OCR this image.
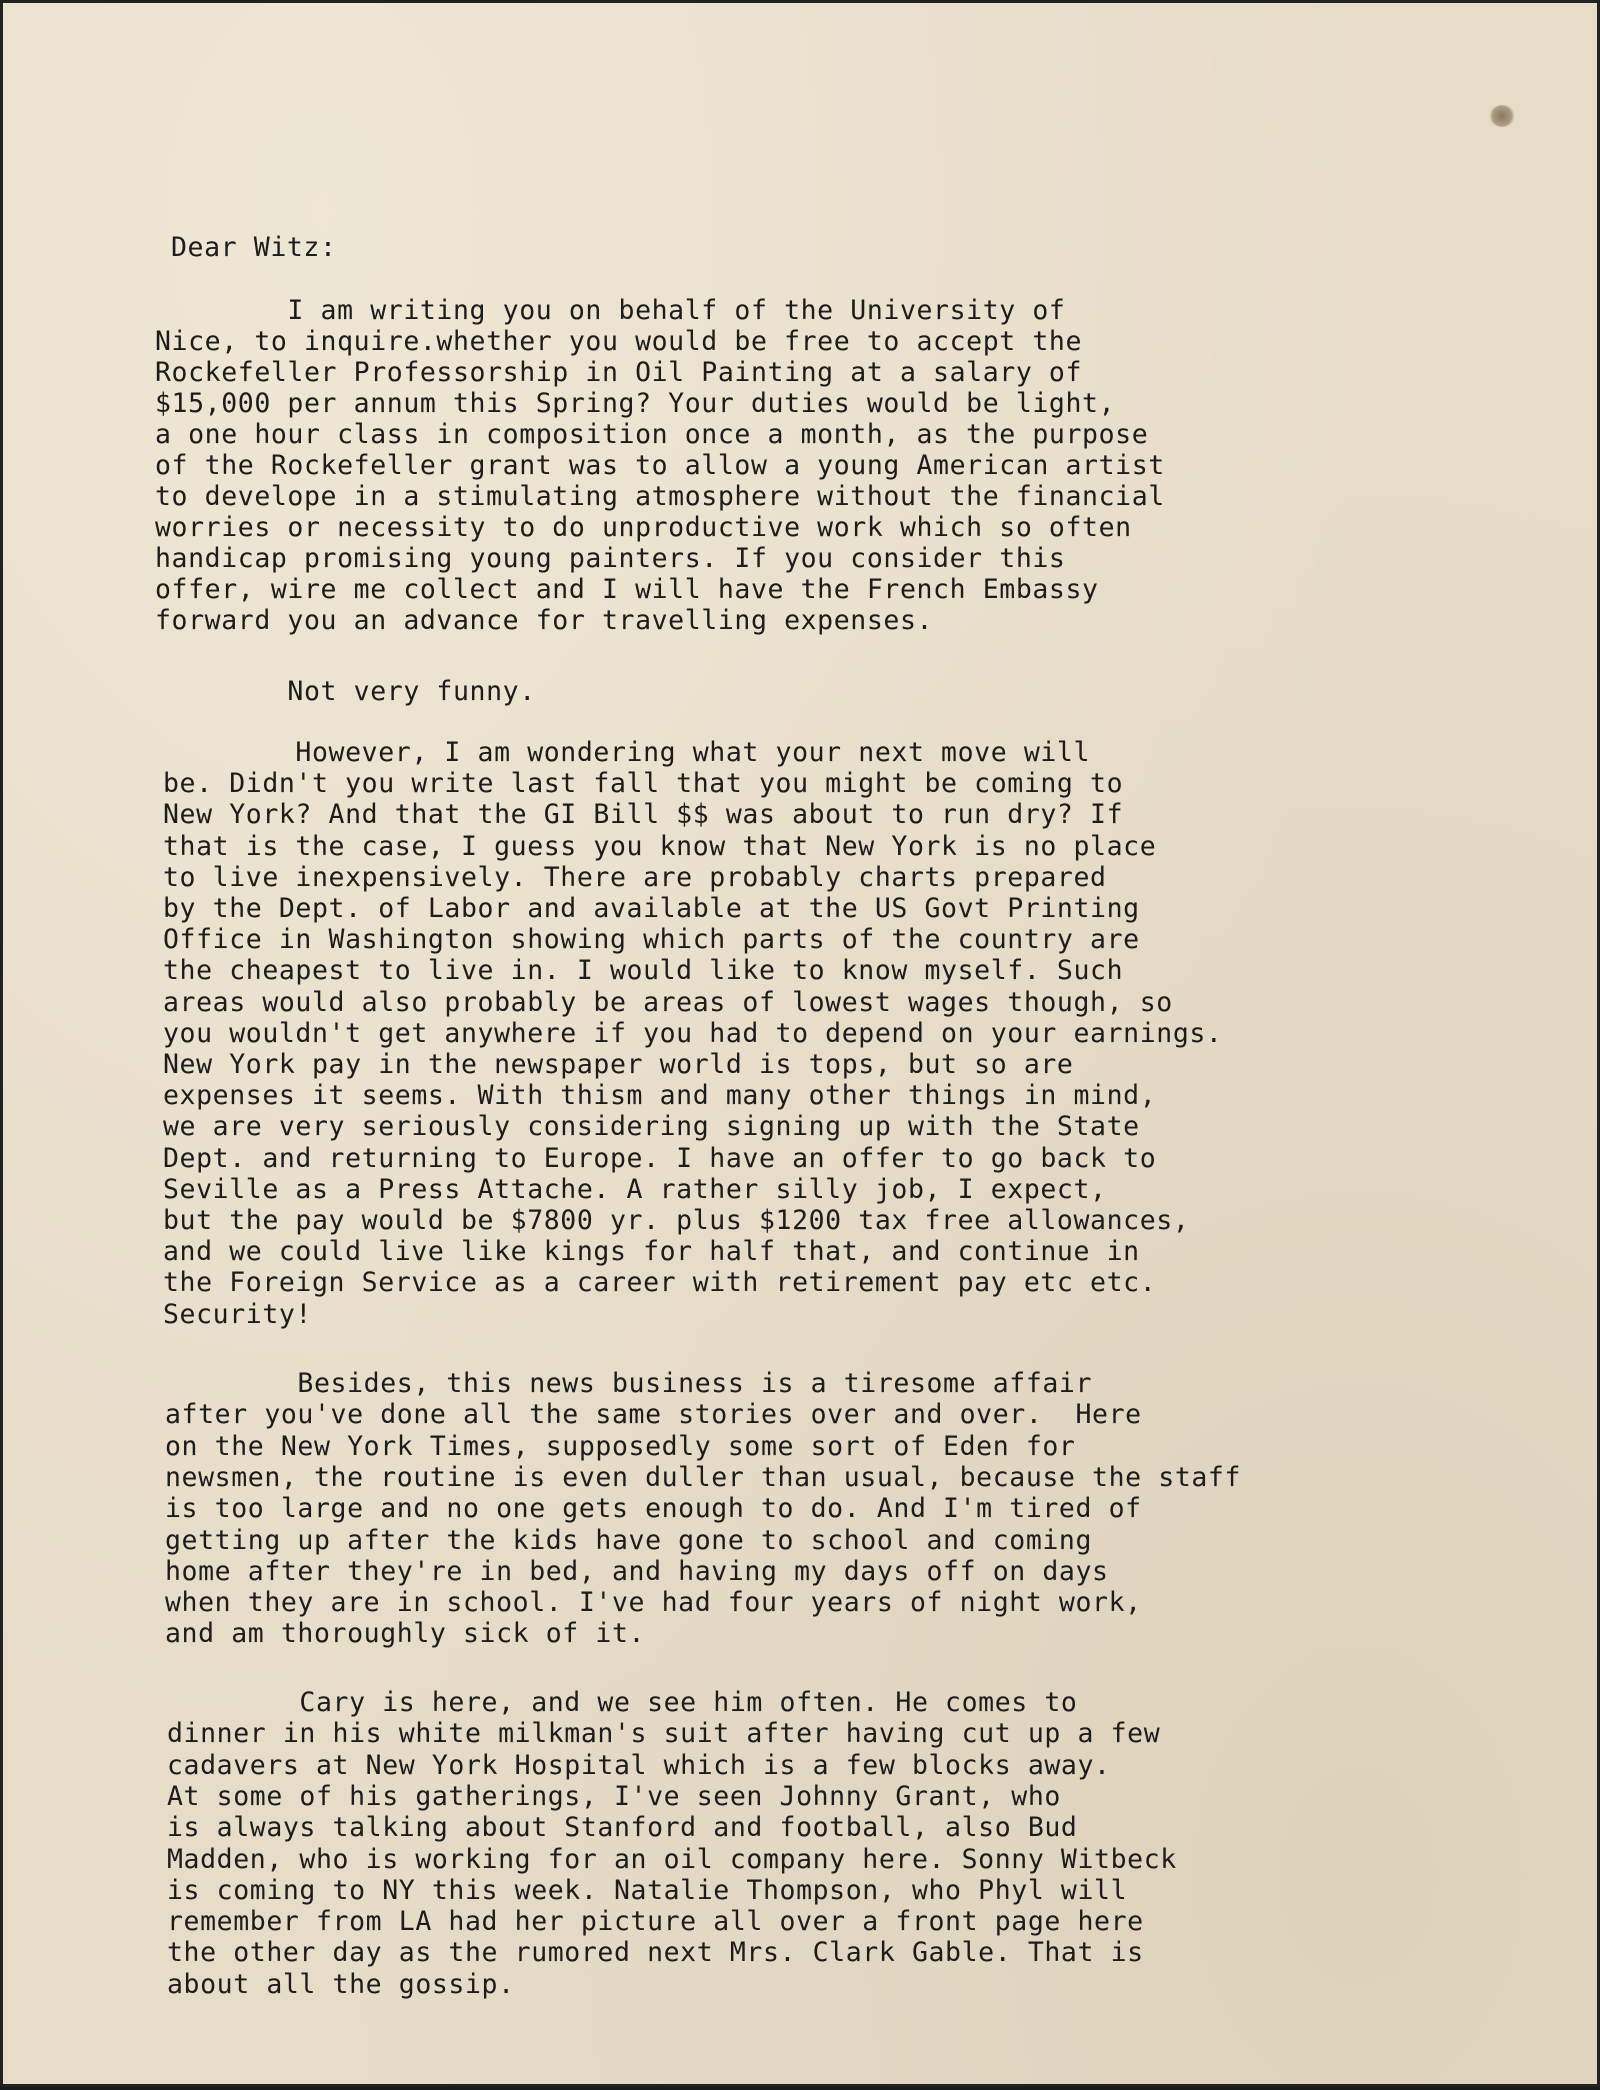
Dear Witz:
I am writing you on behalf of the University of
Nice, to inquire.whether you would be free to accept the
Rockefeller Professorship in Oil Painting at a salary of
$15,000 per annum this Spring? Your duties would be light,
a one hour class in composition once a month, as the purpose
of the Rockefeller grant was to allow a young American artist
to develope in a stimulating atmosphere without the financial
worries or necessity to do unproductive work which so often
handicap promising young painters. If you consider this
offer, wire me collect and I will have the French Embassy
forward you an advance for travelling expenses.
Not very funny.
However, I am wondering what your next move will
be. Didn't you write last fall that you might be coming to
New York? And that the GI Bill $$ was about to run dry? If
that is the case, I guess you know that New York is no place
to live inexpensively. There are probably charts prepared
by the Dept. of Labor and available at the US Govt Printing
Office in Washington showing which parts of the country are
the cheapest to live in. I would like to know myself. Such
areas would also probably be areas of lowest wages though, so
you wouldn't get anywhere if you had to depend on your earnings.
New York pay in the newspaper world is tops, but so are
expenses it seems. With thism and many other things in mind,
we are very seriously considering signing up with the State
Dept. and returning to Europe. I have an offer to go back to
Seville as a Press Attache. A rather silly job, I expect,
but the pay would be $7800 yr. plus $1200 tax free allowances,
and we could live like kings for half that, and continue in
the Foreign Service as a career with retirement pay etc etc.
Security!
Besides, this news business is a tiresome affair
after you've done all the same stories over and over.  Here
on the New York Times, supposedly some sort of Eden for
newsmen, the routine is even duller than usual, because the staff
is too large and no one gets enough to do. And I'm tired of
getting up after the kids have gone to school and coming
home after they're in bed, and having my days off on days
when they are in school. I've had four years of night work,
and am thoroughly sick of it.
Cary is here, and we see him often. He comes to
dinner in his white milkman's suit after having cut up a few
cadavers at New York Hospital which is a few blocks away.
At some of his gatherings, I've seen Johnny Grant, who
is always talking about Stanford and football, also Bud
Madden, who is working for an oil company here. Sonny Witbeck
is coming to NY this week. Natalie Thompson, who Phyl will
remember from LA had her picture all over a front page here
the other day as the rumored next Mrs. Clark Gable. That is
about all the gossip.
